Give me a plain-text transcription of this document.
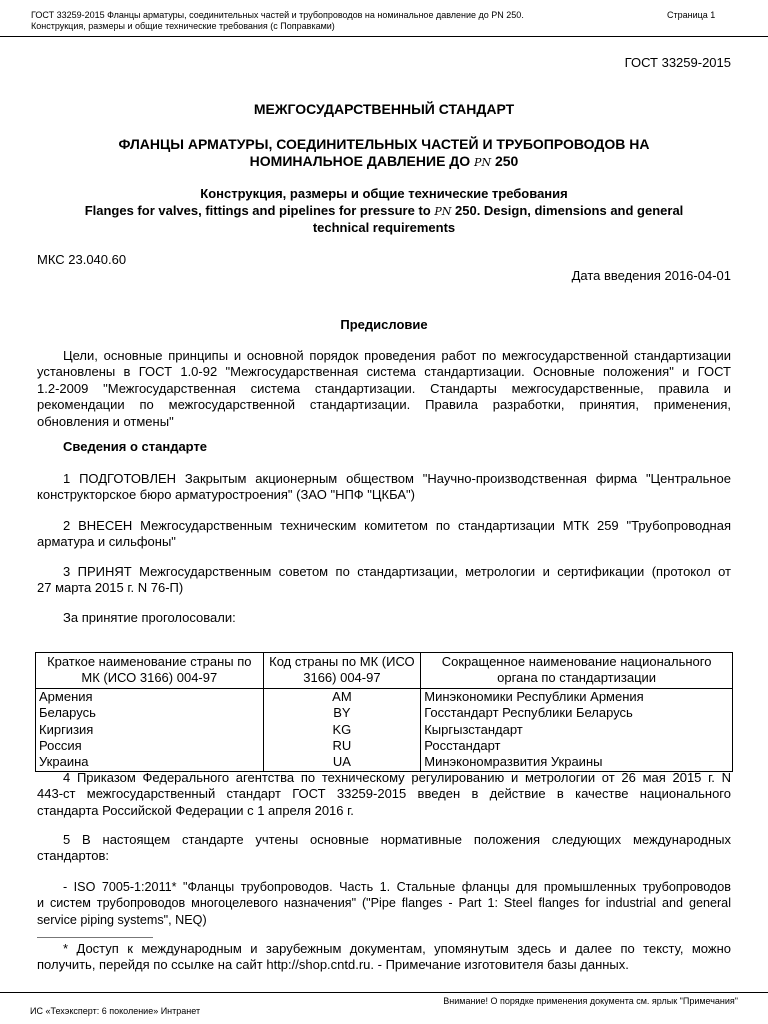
ГОСТ 33259-2015 Фланцы арматуры, соединительных частей и трубопроводов на номинальное давление до PN 250.
Конструкция, размеры и общие технические требования (с Поправками)
Страница 1
ГОСТ 33259-2015
МЕЖГОСУДАРСТВЕННЫЙ СТАНДАРТ
ФЛАНЦЫ АРМАТУРЫ, СОЕДИНИТЕЛЬНЫХ ЧАСТЕЙ И ТРУБОПРОВОДОВ НА
НОМИНАЛЬНОЕ ДАВЛЕНИЕ ДО PN 250
Конструкция, размеры и общие технические требования
Flanges for valves, fittings and pipelines for pressure to PN 250. Design, dimensions and general
technical requirements
МКС 23.040.60
Дата введения 2016-04-01
Предисловие
Цели, основные принципы и основной порядок проведения работ по межгосударственной стандартизации
установлены в ГОСТ 1.0-92 "Межгосударственная система стандартизации. Основные положения" и ГОСТ
1.2-2009 "Межгосударственная система стандартизации. Стандарты межгосударственные, правила и
рекомендации по межгосударственной стандартизации. Правила разработки, принятия, применения,
обновления и отмены"
Сведения о стандарте
1 ПОДГОТОВЛЕН Закрытым акционерным обществом "Научно-производственная фирма "Центральное
конструкторское бюро арматуростроения" (ЗАО "НПФ "ЦКБА")
2 ВНЕСЕН Межгосударственным техническим комитетом по стандартизации МТК 259 "Трубопроводная
арматура и сильфоны"
3 ПРИНЯТ Межгосударственным советом по стандартизации, метрологии и сертификации (протокол от
27 марта 2015 г. N 76-П)
За принятие проголосовали:
Краткое наименование страны по МК (ИСО 3166) 004-97	Код страны по МК (ИСО 3166) 004-97	Сокращенное наименование национального органа по стандартизации
Армения	AM	Минэкономики Республики Армения
Беларусь	BY	Госстандарт Республики Беларусь
Киргизия	KG	Кыргызстандарт
Россия	RU	Росстандарт
Украина	UA	Минэкономразвития Украины
4 Приказом Федерального агентства по техническому регулированию и метрологии от 26 мая 2015 г. N
443-ст межгосударственный стандарт ГОСТ 33259-2015 введен в действие в качестве национального
стандарта Российской Федерации с 1 апреля 2016 г.
5 В настоящем стандарте учтены основные нормативные положения следующих международных
стандартов:
- ISO 7005-1:2011* "Фланцы трубопроводов. Часть 1. Стальные фланцы для промышленных трубопроводов
и систем трубопроводов многоцелевого назначения" ("Pipe flanges - Part 1: Steel flanges for industrial and general
service piping systems", NEQ)
* Доступ к международным и зарубежным документам, упомянутым здесь и далее по тексту, можно
получить, перейдя по ссылке на сайт http://shop.cntd.ru. - Примечание изготовителя базы данных.
ИС «Техэксперт: 6 поколение» Интранет
Внимание! О порядке применения документа см. ярлык "Примечания"
